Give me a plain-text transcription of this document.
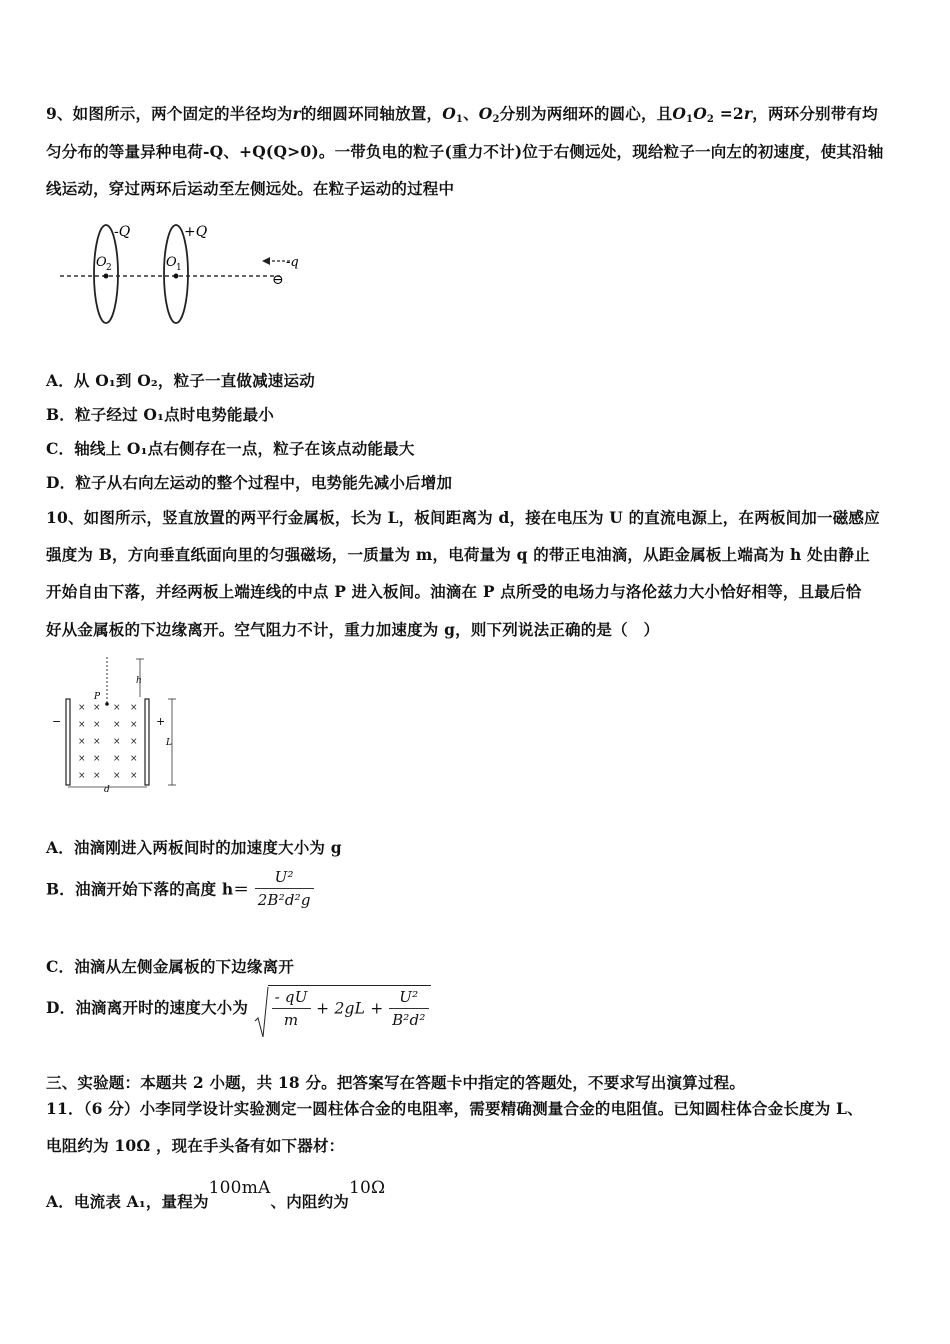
9、如图所示，两个固定的半径均为r的细圆环同轴放置，$O_1$、$O_2$分别为两细环的圆心，且$O_1O_2 =2r$，两环分别带有均
匀分布的等量异种电荷-Q、+Q(Q>0)。一带负电的粒子(重力不计)位于右侧远处，现给粒子一向左的初速度，使其沿轴
线运动，穿过两环后运动至左侧远处。在粒子运动的过程中
-Q	+Q
O 2	O 1	-q
⊖
A．从 O₁到 O₂，粒子一直做减速运动
B．粒子经过 O₁点时电势能最小
C．轴线上 O₁点右侧存在一点，粒子在该点动能最大
D．粒子从右向左运动的整个过程中，电势能先减小后增加
10、如图所示，竖直放置的两平行金属板，长为 L，板间距离为 d，接在电压为 U 的直流电源上，在两板间加一磁感应
强度为 B，方向垂直纸面向里的匀强磁场，一质量为 m，电荷量为 q 的带正电油滴，从距金属板上端高为 h 处由静止
开始自由下落，并经两板上端连线的中点 P 进入板间。油滴在 P 点所受的电场力与洛伦兹力大小恰好相等，且最后恰
好从金属板的下边缘离开。空气阻力不计，重力加速度为 g，则下列说法正确的是（　）
h
P
−	+
× × × ×
× × × ×
× × × ×
× × × ×
× × × ×
L
d
A．油滴刚进入两板间时的加速度大小为 g
B．油滴开始下落的高度 $h= \frac{\text{U²}}{\text{2B²d²g}}$
C．油滴从左侧金属板的下边缘离开
D．油滴离开时的速度大小为 $\frac{- qU}{m} + 2gL + \frac{\text{U²}}{\text{B²d²}}$
三、实验题：本题共 2 小题，共 18 分。把答案写在答题卡中指定的答题处，不要求写出演算过程。
11．（6 分）小李同学设计实验测定一圆柱体合金的电阻率，需要精确测量合金的电阻值。已知圆柱体合金长度为 L、
电阻约为 10Ω ，现在手头备有如下器材：
A．电流表 A₁，量程为100mA、内阻约为10Ω
